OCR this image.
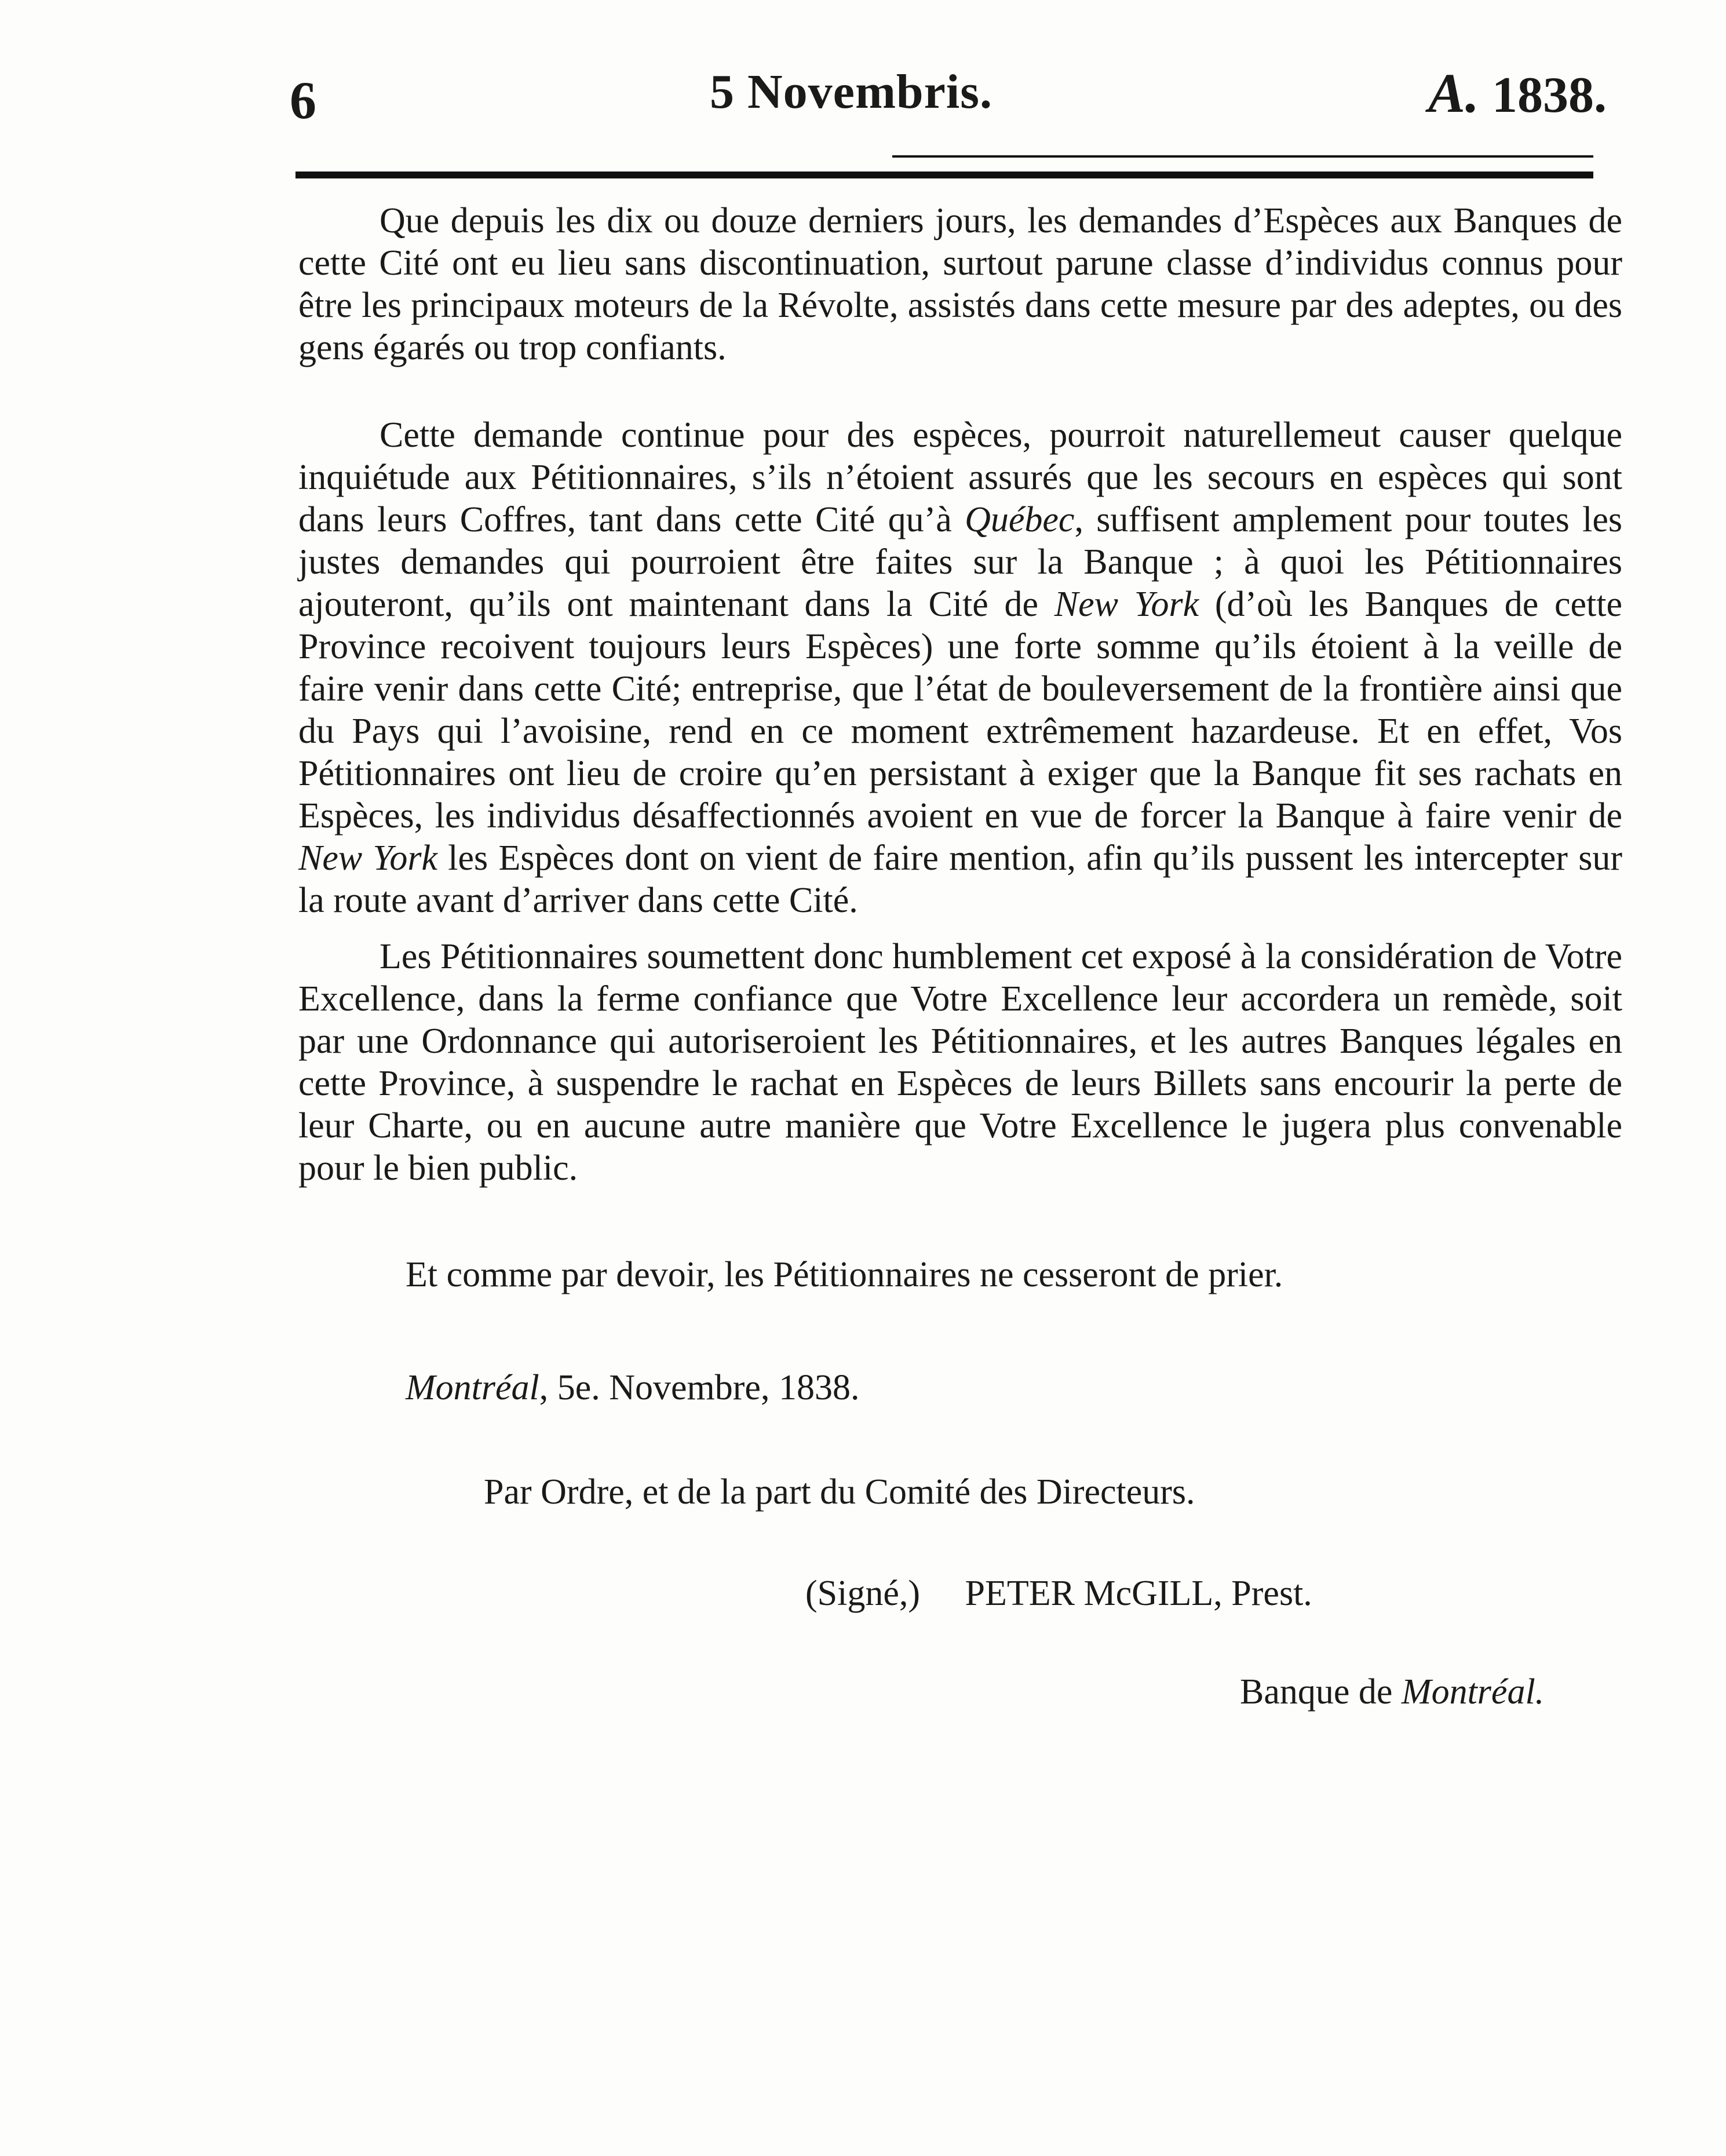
6	5 Novembris.	A. 1838.
Que depuis les dix ou douze derniers jours, les demandes d’Espèces aux Banques de cette Cité ont eu lieu sans discontinuation, surtout parune classe d’individus connus pour être les principaux moteurs de la Révolte, assistés dans cette mesure par des adeptes, ou des gens égarés ou trop confiants.
Cette demande continue pour des espèces, pourroit naturellemeut causer quelque inquiétude aux Pétitionnaires, s’ils n’étoient assurés que les secours en espèces qui sont dans leurs Coffres, tant dans cette Cité qu’à Québec, suffisent amplement pour toutes les justes demandes qui pourroient être faites sur la Banque ; à quoi les Pétitionnaires ajouteront, qu’ils ont maintenant dans la Cité de New York (d’où les Banques de cette Province recoivent toujours leurs Espèces) une forte somme qu’ils étoient à la veille de faire venir dans cette Cité; entreprise, que l’état de bouleversement de la frontière ainsi que du Pays qui l’avoisine, rend en ce moment extrêmement hazardeuse. Et en effet, Vos Pétitionnaires ont lieu de croire qu’en persistant à exiger que la Banque fit ses rachats en Espèces, les individus désaffectionnés avoient en vue de forcer la Banque à faire venir de New York les Espèces dont on vient de faire mention, afin qu’ils pussent les intercepter sur la route avant d’arriver dans cette Cité.
Les Pétitionnaires soumettent donc humblement cet exposé à la considération de Votre Excellence, dans la ferme confiance que Votre Excellence leur accordera un remède, soit par une Ordonnance qui autoriseroient les Pétitionnaires, et les autres Banques légales en cette Province, à suspendre le rachat en Espèces de leurs Billets sans encourir la perte de leur Charte, ou en aucune autre manière que Votre Excellence le jugera plus convenable pour le bien public.
Et comme par devoir, les Pétitionnaires ne cesseront de prier.
Montréal, 5e. Novembre, 1838.
Par Ordre, et de la part du Comité des Directeurs.
(Signé,) PETER McGILL, Prest.
Banque de Montréal.
